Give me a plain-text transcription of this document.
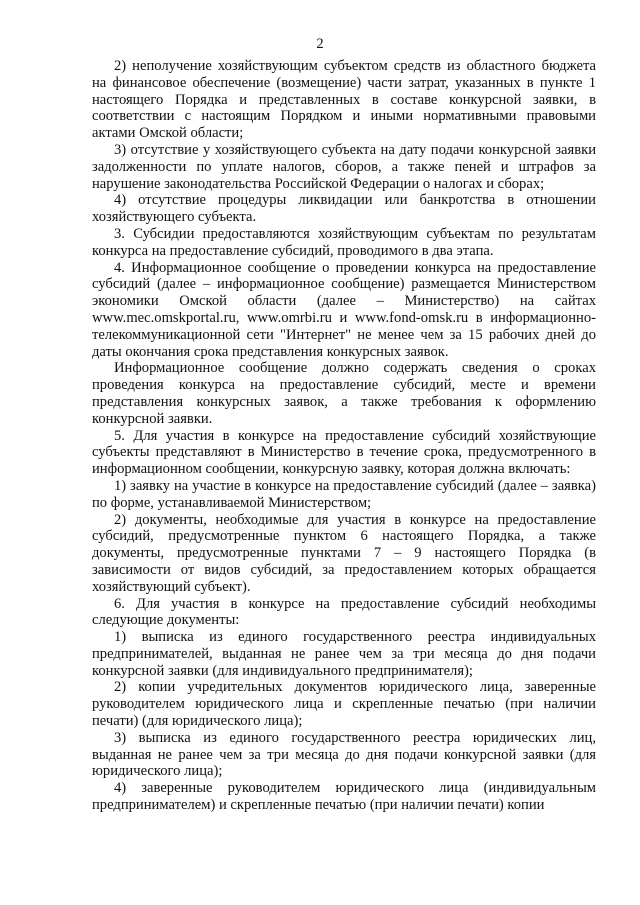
2

2) неполучение хозяйствующим субъектом средств из областного бюджета на финансовое обеспечение (возмещение) части затрат, указанных в пункте 1 настоящего Порядка и представленных в составе конкурсной заявки, в соответствии с настоящим Порядком и иными нормативными правовыми актами Омской области;

3) отсутствие у хозяйствующего субъекта на дату подачи конкурсной заявки задолженности по уплате налогов, сборов, а также пеней и штрафов за нарушение законодательства Российской Федерации о налогах и сборах;

4) отсутствие процедуры ликвидации или банкротства в отношении хозяйствующего субъекта.

3. Субсидии предоставляются хозяйствующим субъектам по результатам конкурса на предоставление субсидий, проводимого в два этапа.

4. Информационное сообщение о проведении конкурса на предоставление субсидий (далее – информационное сообщение) размещается Министерством экономики Омской области (далее – Министерство) на сайтах www.mec.omskportal.ru, www.omrbi.ru и www.fond-omsk.ru в информационно-телекоммуникационной сети "Интернет" не менее чем за 15 рабочих дней до даты окончания срока представления конкурсных заявок.

Информационное сообщение должно содержать сведения о сроках проведения конкурса на предоставление субсидий, месте и времени представления конкурсных заявок, а также требования к оформлению конкурсной заявки.

5. Для участия в конкурсе на предоставление субсидий хозяйствующие субъекты представляют в Министерство в течение срока, предусмотренного в информационном сообщении, конкурсную заявку, которая должна включать:

1) заявку на участие в конкурсе на предоставление субсидий (далее – заявка) по форме, устанавливаемой Министерством;

2) документы, необходимые для участия в конкурсе на предоставление субсидий, предусмотренные пунктом 6 настоящего Порядка, а также документы, предусмотренные пунктами 7 – 9 настоящего Порядка (в зависимости от видов субсидий, за предоставлением которых обращается хозяйствующий субъект).

6. Для участия в конкурсе на предоставление субсидий необходимы следующие документы:

1) выписка из единого государственного реестра индивидуальных предпринимателей, выданная не ранее чем за три месяца до дня подачи конкурсной заявки (для индивидуального предпринимателя);

2) копии учредительных документов юридического лица, заверенные руководителем юридического лица и скрепленные печатью (при наличии печати) (для юридического лица);

3) выписка из единого государственного реестра юридических лиц, выданная не ранее чем за три месяца до дня подачи конкурсной заявки (для юридического лица);

4) заверенные руководителем юридического лица (индивидуальным предпринимателем) и скрепленные печатью (при наличии печати) копии
